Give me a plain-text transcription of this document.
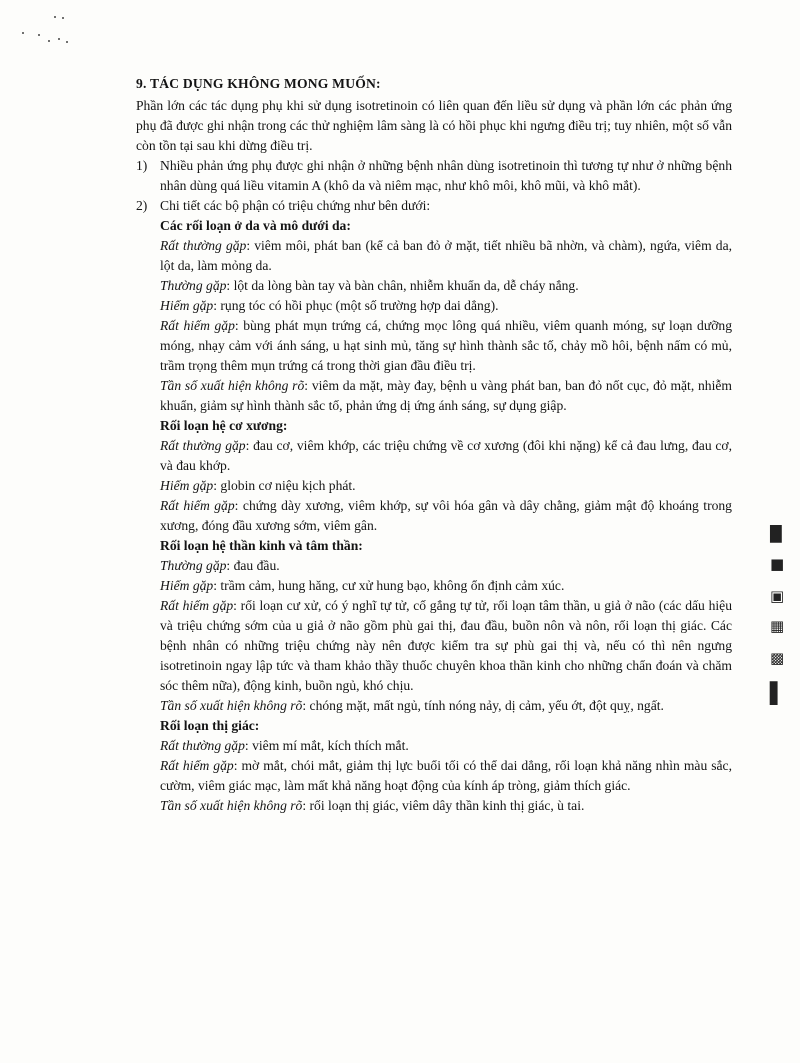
9. TÁC DỤNG KHÔNG MONG MUỐN:

Phần lớn các tác dụng phụ khi sử dụng isotretinoin có liên quan đến liều sử dụng và phần lớn các phản ứng phụ đã được ghi nhận trong các thử nghiệm lâm sàng là có hồi phục khi ngưng điều trị; tuy nhiên, một số vẫn còn tồn tại sau khi dừng điều trị.

1) Nhiều phản ứng phụ được ghi nhận ở những bệnh nhân dùng isotretinoin thì tương tự như ở những bệnh nhân dùng quá liều vitamin A (khô da và niêm mạc, như khô môi, khô mũi, và khô mắt).
2) Chi tiết các bộ phận có triệu chứng như bên dưới:
Các rối loạn ở da và mô dưới da:

Rất thường gặp: viêm môi, phát ban (kể cả ban đỏ ở mặt, tiết nhiều bã nhờn, và chàm), ngứa, viêm da, lột da, làm mỏng da.

Thường gặp: lột da lòng bàn tay và bàn chân, nhiễm khuẩn da, dễ cháy nắng.

Hiếm gặp: rụng tóc có hồi phục (một số trường hợp dai dẳng).

Rất hiếm gặp: bùng phát mụn trứng cá, chứng mọc lông quá nhiều, viêm quanh móng, sự loạn dưỡng móng, nhạy cảm với ánh sáng, u hạt sinh mủ, tăng sự hình thành sắc tố, chảy mồ hôi, bệnh nấm có mủ, trầm trọng thêm mụn trứng cá trong thời gian đầu điều trị.

Tần số xuất hiện không rõ: viêm da mặt, mày đay, bệnh u vàng phát ban, ban đỏ nốt cục, đỏ mặt, nhiễm khuẩn, giảm sự hình thành sắc tố, phản ứng dị ứng ánh sáng, sự dụng giập.

Rối loạn hệ cơ xương:

Rất thường gặp: đau cơ, viêm khớp, các triệu chứng về cơ xương (đôi khi nặng) kể cả đau lưng, đau cơ, và đau khớp.

Hiếm gặp: globin cơ niệu kịch phát.

Rất hiếm gặp: chứng dày xương, viêm khớp, sự vôi hóa gân và dây chằng, giảm mật độ khoáng trong xương, đóng đầu xương sớm, viêm gân.

Rối loạn hệ thần kinh và tâm thần:

Thường gặp: đau đầu.

Hiếm gặp: trầm cảm, hung hăng, cư xử hung bạo, không ổn định cảm xúc.

Rất hiếm gặp: rối loạn cư xử, có ý nghĩ tự tử, cố gắng tự tử, rối loạn tâm thần, u giả ở não (các dấu hiệu và triệu chứng sớm của u giả ở não gồm phù gai thị, đau đầu, buồn nôn và nôn, rối loạn thị giác. Các bệnh nhân có những triệu chứng này nên được kiểm tra sự phù gai thị và, nếu có thì nên ngưng isotretinoin ngay lập tức và tham khảo thầy thuốc chuyên khoa thần kinh cho những chẩn đoán và chăm sóc thêm nữa), động kinh, buồn ngủ, khó chịu.

Tần số xuất hiện không rõ: chóng mặt, mất ngủ, tính nóng nảy, dị cảm, yếu ớt, đột quỵ, ngất.

Rối loạn thị giác:

Rất thường gặp: viêm mí mắt, kích thích mắt.

Rất hiếm gặp: mờ mắt, chói mắt, giảm thị lực buổi tối có thể dai dẳng, rối loạn khả năng nhìn màu sắc, cườm, viêm giác mạc, làm mất khả năng hoạt động của kính áp tròng, giảm thích giác.

Tần số xuất hiện không rõ: rối loạn thị giác, viêm dây thần kinh thị giác, ù tai.

█
■
▣
▦
▩
▌
